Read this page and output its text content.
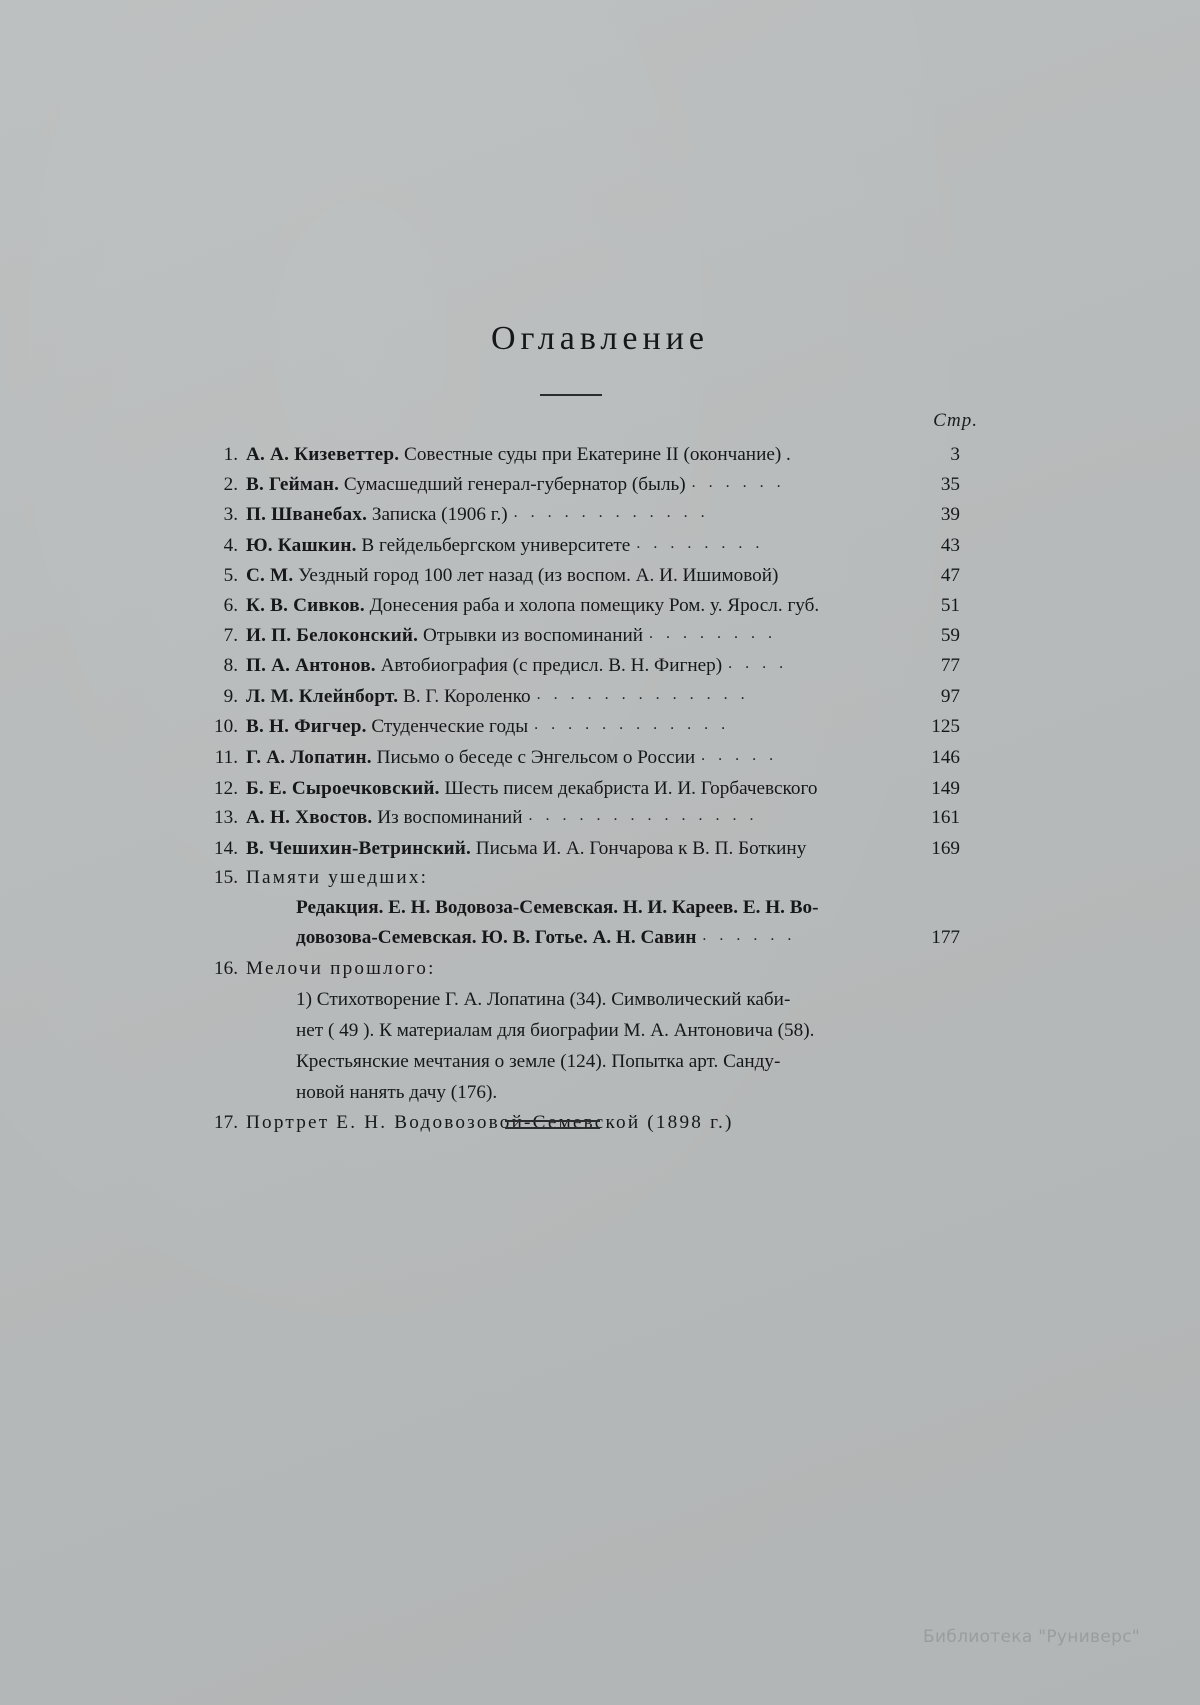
Оглавление
Стр.
1. А. А. Кизеветтер. Совестные суды при Екатерине II (окончание) .	3
2. В. Гейман. Сумасшедший генерал-губернатор (быль) . . . . . .	35
3. П. Шванебах. Записка (1906 г.) . . . . . . . . . . . .	39
4. Ю. Кашкин. В гейдельбергском университете . . . . . . . .	43
5. С. М. Уездный город 100 лет назад (из воспом. А. И. Ишимовой)	47
6. К. В. Сивков. Донесения раба и холопа помещику Ром. у. Яросл. губ.	51
7. И. П. Белоконский. Отрывки из воспоминаний . . . . . . . .	59
8. П. А. Антонов. Автобиография (с предисл. В. Н. Фигнер) . . . .	77
9. Л. М. Клейнборт. В. Г. Короленко . . . . . . . . . . . . .	97
10. В. Н. Фигчер. Студенческие годы . . . . . . . . . . . .	125
11. Г. А. Лопатин. Письмо о беседе с Энгельсом о России . . . . .	146
12. Б. Е. Сыроечковский. Шесть писем декабриста И. И. Горбачевского	149
13. А. Н. Хвостов. Из воспоминаний . . . . . . . . . . . . . .	161
14. В. Чешихин-Ветринский. Письма И. А. Гончарова к В. П. Боткину	169
15. Памяти ушедших:
Редакция. Е. Н. Водовоза-Семевская. Н. И. Кареев. Е. Н. Во-
довозова-Семевская. Ю. В. Готье. А. Н. Савин . . . . . .	177
16. Мелочи прошлого:
1) Стихотворение Г. А. Лопатина (34). Символический каби-
нет ( 49 ). К материалам для биографии М. А. Антоновича (58).
Крестьянские мечтания о земле (124). Попытка арт. Санду-
новой нанять дачу (176).
17. Портрет Е. Н. Водовозовой-Семевской (1898 г.)
Библиотека "Руниверс"
